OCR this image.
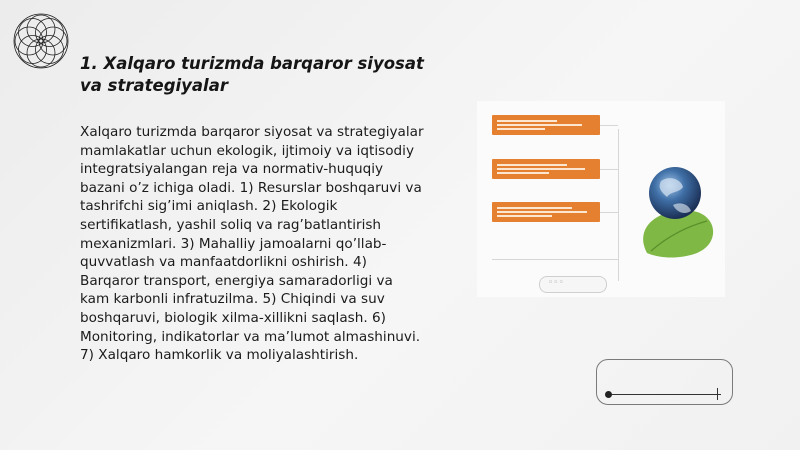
1. Xalqaro turizmda barqaror siyosat va strategiyalar
Xalqaro turizmda barqaror siyosat va strategiyalar mamlakatlar uchun ekologik, ijtimoiy va iqtisodiy integratsiyalangan reja va normativ-huquqiy bazani o’z ichiga oladi. 1) Resurslar boshqaruvi va tashrifchi sig’imi aniqlash. 2) Ekologik sertifikatlash, yashil soliq va rag’batlantirish mexanizmlari. 3) Mahalliy jamoalarni qo’llab-quvvatlash va manfaatdorlikni oshirish. 4) Barqaror transport, energiya samaradorligi va kam karbonli infratuzilma. 5) Chiqindi va suv boshqaruvi, biologik xilma-xillikni saqlash. 6) Monitoring, indikatorlar va ma’lumot almashinuvi. 7) Xalqaro hamkorlik va moliyalashtirish.
◦◦◦
